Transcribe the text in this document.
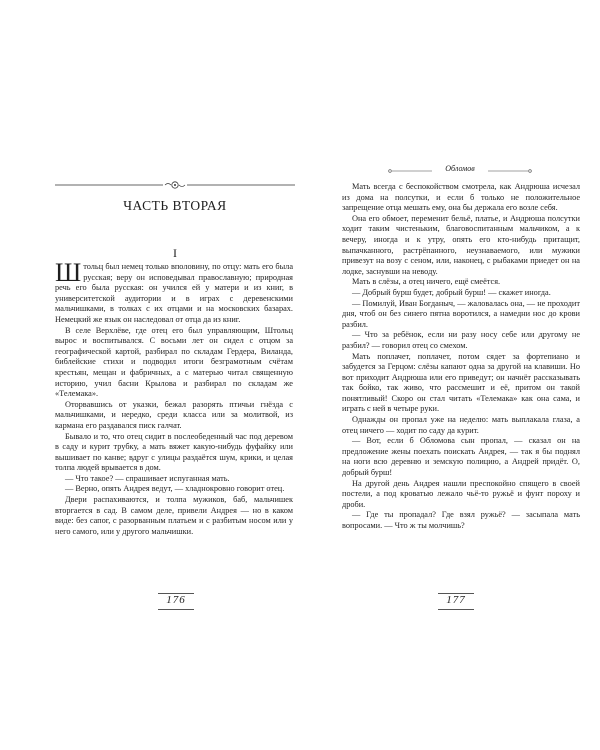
ЧАСТЬ ВТОРАЯ
I

Штольц был немец только вполовину, по отцу: мать его была русская; веру он исповедывал православную; природная речь его была русская: он учился ей у матери и из книг, в университетской аудитории и в играх с деревенскими мальчишками, в толках с их отцами и на московских базарах. Немецкий же язык он наследовал от отца да из книг.

В селе Верхлёве, где отец его был управляющим, Штольц вырос и воспитывался. С восьми лет он сидел с отцом за географической картой, разбирал по складам Гердера, Виланда, библейские стихи и подводил итоги безграмотным счётам крестьян, мещан и фабричных, а с матерью читал священную историю, учил басни Крылова и разбирал по складам же «Телемака».

Оторвавшись от указки, бежал разорять птичьи гнёзда с мальчишками, и нередко, среди класса или за молитвой, из кармана его раздавался писк галчат.

Бывало и то, что отец сидит в послеобеденный час под деревом в саду и курит трубку, а мать вяжет какую-нибудь фуфайку или вышивает по канве; вдруг с улицы раздаётся шум, крики, и целая толпа людей врывается в дом.

— Что такое? — спрашивает испуганная мать.

— Верно, опять Андрея ведут, — хладнокровно говорит отец.

Двери распахиваются, и толпа мужиков, баб, мальчишек вторгается в сад. В самом деле, привели Андрея — но в каком виде: без сапог, с разорванным платьем и с разбитым носом или у него самого, или у другого мальчишки.

176
Обломов

Мать всегда с беспокойством смотрела, как Андрюша исчезал из дома на полсутки, и если б только не положительное запрещение отца мешать ему, она бы держала его возле себя.

Она его обмоет, переменит бельё, платье, и Андрюша полсутки ходит таким чистеньким, благовоспитанным мальчиком, а к вечеру, иногда и к утру, опять его кто-нибудь притащит, выпачканного, растрёпанного, неузнаваемого, или мужики привезут на возу с сеном, или, наконец, с рыбаками приедет он на лодке, заснувши на неводу.

Мать в слёзы, а отец ничего, ещё смеётся.

— Добрый бурш будет, добрый бурш! — скажет иногда.

— Помилуй, Иван Богданыч, — жаловалась она, — не проходит дня, чтоб он без синего пятна воротился, а намедни нос до крови разбил.

— Что за ребёнок, если ни разу носу себе или другому не разбил? — говорил отец со смехом.

Мать поплачет, поплачет, потом сядет за фортепиано и забудется за Герцом: слёзы капают одна за другой на клавиши. Но вот приходит Андрюша или его приведут; он начнёт рассказывать так бойко, так живо, что рассмешит и её, притом он такой понятливый! Скоро он стал читать «Телемака» как она сама, и играть с ней в четыре руки.

Однажды он пропал уже на неделю: мать выплакала глаза, а отец ничего — ходит по саду да курит.

— Вот, если б Обломова сын пропал, — сказал он на предложение жены поехать поискать Андрея, — так я бы поднял на ноги всю деревню и земскую полицию, а Андрей придёт. О, добрый бурш!

На другой день Андрея нашли преспокойно спящего в своей постели, а под кроватью лежало чьё-то ружьё и фунт пороху и дроби.

— Где ты пропадал? Где взял ружьё? — засыпала мать вопросами. — Что ж ты молчишь?

177
